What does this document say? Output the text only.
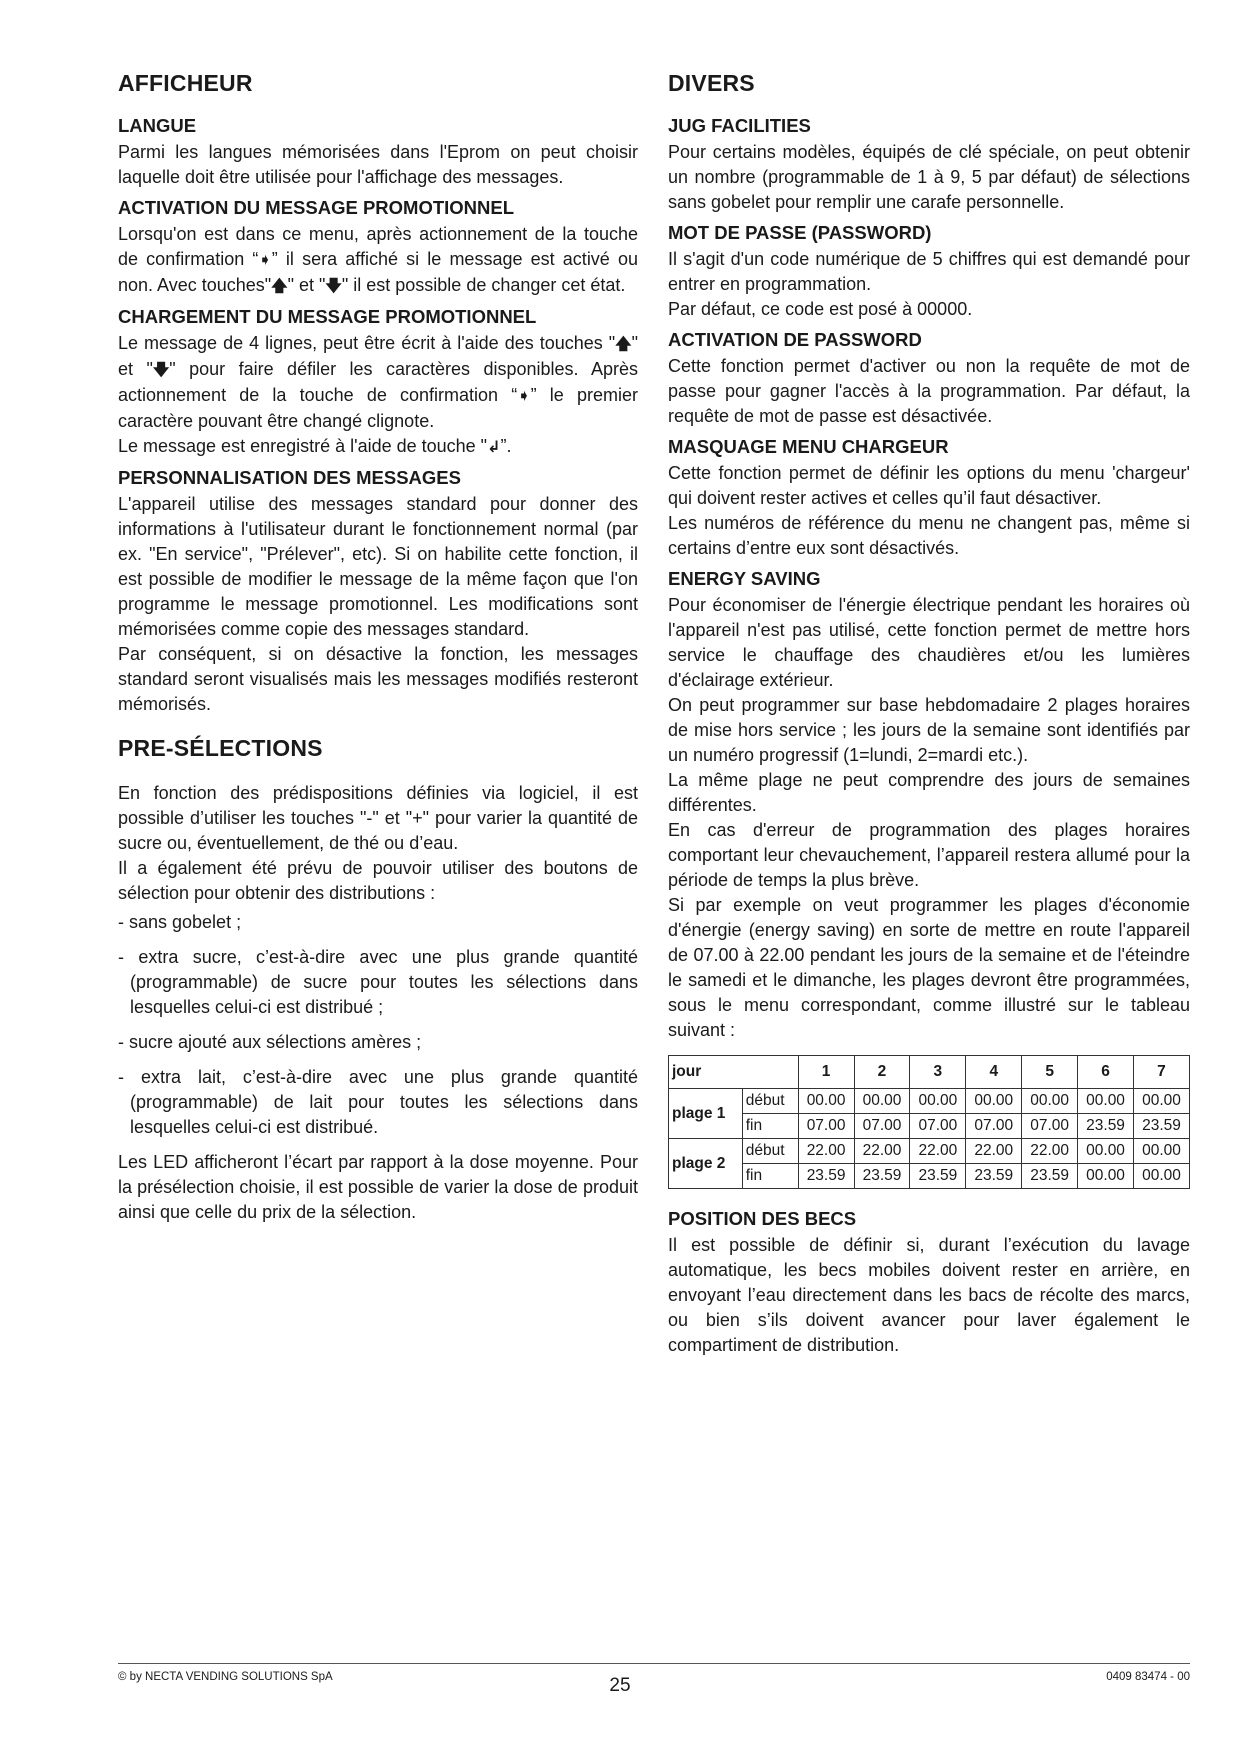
AFFICHEUR
LANGUE

Parmi les langues mémorisées dans l'Eprom on peut choisir laquelle doit être utilisée pour l'affichage des messages.

ACTIVATION DU MESSAGE PROMOTIONNEL

Lorsqu'on est dans ce menu, après actionnement de la touche de confirmation “➧” il sera affiché si le message est activé ou non. Avec touches"🡅" et "🡇" il est possible de changer cet état.

CHARGEMENT DU MESSAGE PROMOTIONNEL

Le message de 4 lignes, peut être écrit à l'aide des touches "🡅" et "🡇" pour faire défiler les caractères disponibles. Après actionnement de la touche de confirmation “➧” le premier caractère pouvant être changé clignote.
Le message est enregistré à l'aide de touche "↲”.

PERSONNALISATION DES MESSAGES

L'appareil utilise des messages standard pour donner des informations à l'utilisateur durant le fonctionnement normal (par ex. "En service", "Prélever", etc). Si on habilite cette fonction, il est possible de modifier le message de la même façon que l'on programme le message promotionnel. Les modifications sont mémorisées comme copie des messages standard.

Par conséquent, si on désactive la fonction, les messages standard seront visualisés mais les messages modifiés resteront mémorisés.

PRE-SÉLECTIONS

En fonction des prédispositions définies via logiciel, il est possible d’utiliser les touches "-" et "+" pour varier la quantité de sucre ou, éventuellement, de thé ou d’eau.

Il a également été prévu de pouvoir utiliser des boutons de sélection pour obtenir des distributions :

- sans gobelet ;
- extra sucre, c’est-à-dire avec une plus grande quantité (programmable) de sucre pour toutes les sélections dans lesquelles celui-ci est distribué ;
- sucre ajouté aux sélections amères ;
- extra lait, c’est-à-dire avec une plus grande quantité (programmable) de lait pour toutes les sélections dans lesquelles celui-ci est distribué.

Les LED afficheront l’écart par rapport à la dose moyenne. Pour la présélection choisie, il est possible de varier la dose de produit ainsi que celle du prix de la sélection.

DIVERS
JUG FACILITIES

Pour certains modèles, équipés de clé spéciale, on peut obtenir un nombre (programmable de 1 à 9, 5 par défaut) de sélections sans gobelet pour remplir une carafe personnelle.

MOT DE PASSE (PASSWORD)

Il s'agit d'un code numérique de 5 chiffres qui est demandé pour entrer en programmation.

Par défaut, ce code est posé à 00000.

ACTIVATION DE PASSWORD

Cette fonction permet d'activer ou non la requête de mot de passe pour gagner l'accès à la programmation. Par défaut, la requête de mot de passe est désactivée.

MASQUAGE MENU CHARGEUR

Cette fonction permet de définir les options du menu 'chargeur' qui doivent rester actives et celles qu’il faut désactiver.

Les numéros de référence du menu ne changent pas, même si certains d’entre eux sont désactivés.

ENERGY SAVING

Pour économiser de l'énergie électrique pendant les horaires où l'appareil n'est pas utilisé, cette fonction permet de mettre hors service le chauffage des chaudières et/ou les lumières d'éclairage extérieur.

On peut programmer sur base hebdomadaire 2 plages horaires de mise hors service ; les jours de la semaine sont identifiés par un numéro progressif (1=lundi, 2=mardi etc.).

La même plage ne peut comprendre des jours de semaines différentes.

En cas d'erreur de programmation des plages horaires comportant leur chevauchement, l’appareil restera allumé pour la période de temps la plus brève.

Si par exemple on veut programmer les plages d'économie d'énergie (energy saving) en sorte de mettre en route l'appareil de 07.00 à 22.00 pendant les jours de la semaine et de l'éteindre le samedi et le dimanche, les plages devront être programmées, sous le menu correspondant, comme illustré sur le tableau suivant :

jour		1	2	3	4	5	6	7
plage 1	début	00.00	00.00	00.00	00.00	00.00	00.00	00.00
	fin	07.00	07.00	07.00	07.00	07.00	23.59	23.59
plage 2	début	22.00	22.00	22.00	22.00	22.00	00.00	00.00
	fin	23.59	23.59	23.59	23.59	23.59	00.00	00.00
POSITION DES BECS

Il est possible de définir si, durant l’exécution du lavage automatique, les becs mobiles doivent rester en arrière, en envoyant l’eau directement dans les bacs de récolte des marcs, ou bien s’ils doivent avancer pour laver également le compartiment de distribution.

© by NECTA VENDING SOLUTIONS SpA	25	0409 83474 - 00
